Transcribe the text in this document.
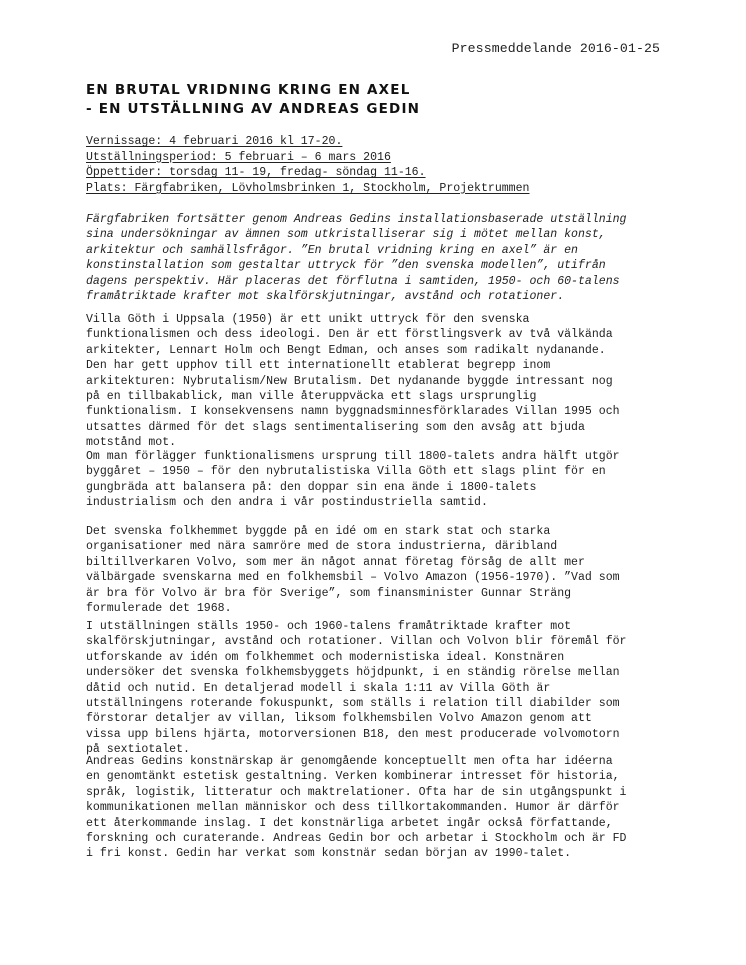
Pressmeddelande 2016-01-25
EN BRUTAL VRIDNING KRING EN AXEL
- EN UTSTÄLLNING AV ANDREAS GEDIN
Vernissage: 4 februari 2016 kl 17-20.
Utställningsperiod: 5 februari – 6 mars 2016
Öppettider: torsdag 11- 19, fredag- söndag 11-16.
Plats: Färgfabriken, Lövholmsbrinken 1, Stockholm, Projektrummen

Färgfabriken fortsätter genom Andreas Gedins installationsbaserade utställning
sina undersökningar av ämnen som utkristalliserar sig i mötet mellan konst,
arkitektur och samhällsfrågor. ”En brutal vridning kring en axel” är en
konstinstallation som gestaltar uttryck för ”den svenska modellen”, utifrån
dagens perspektiv. Här placeras det förflutna i samtiden, 1950- och 60-talens
framåtriktade krafter mot skalförskjutningar, avstånd och rotationer.

Villa Göth i Uppsala (1950) är ett unikt uttryck för den svenska
funktionalismen och dess ideologi. Den är ett förstlingsverk av två välkända
arkitekter, Lennart Holm och Bengt Edman, och anses som radikalt nydanande.
Den har gett upphov till ett internationellt etablerat begrepp inom
arkitekturen: Nybrutalism/New Brutalism. Det nydanande byggde intressant nog
på en tillbakablick, man ville återuppväcka ett slags ursprunglig
funktionalism. I konsekvensens namn byggnadsminnesförklarades Villan 1995 och
utsattes därmed för det slags sentimentalisering som den avsåg att bjuda
motstånd mot.

Om man förlägger funktionalismens ursprung till 1800-talets andra hälft utgör
byggåret – 1950 – för den nybrutalistiska Villa Göth ett slags plint för en
gungbräda att balansera på: den doppar sin ena ände i 1800-talets
industrialism och den andra i vår postindustriella samtid.

Det svenska folkhemmet byggde på en idé om en stark stat och starka
organisationer med nära samröre med de stora industrierna, däribland
biltillverkaren Volvo, som mer än något annat företag försåg de allt mer
välbärgade svenskarna med en folkhemsbil – Volvo Amazon (1956-1970). ”Vad som
är bra för Volvo är bra för Sverige”, som finansminister Gunnar Sträng
formulerade det 1968.

I utställningen ställs 1950- och 1960-talens framåtriktade krafter mot
skalförskjutningar, avstånd och rotationer. Villan och Volvon blir föremål för
utforskande av idén om folkhemmet och modernistiska ideal. Konstnären
undersöker det svenska folkhemsbyggets höjdpunkt, i en ständig rörelse mellan
dåtid och nutid. En detaljerad modell i skala 1:11 av Villa Göth är
utställningens roterande fokuspunkt, som ställs i relation till diabilder som
förstorar detaljer av villan, liksom folkhemsbilen Volvo Amazon genom att
vissa upp bilens hjärta, motorversionen B18, den mest producerade volvomotorn
på sextiotalet.

Andreas Gedins konstnärskap är genomgående konceptuellt men ofta har idéerna
en genomtänkt estetisk gestaltning. Verken kombinerar intresset för historia,
språk, logistik, litteratur och maktrelationer. Ofta har de sin utgångspunkt i
kommunikationen mellan människor och dess tillkortakommanden. Humor är därför
ett återkommande inslag. I det konstnärliga arbetet ingår också författande,
forskning och curaterande. Andreas Gedin bor och arbetar i Stockholm och är FD
i fri konst. Gedin har verkat som konstnär sedan början av 1990-talet.
